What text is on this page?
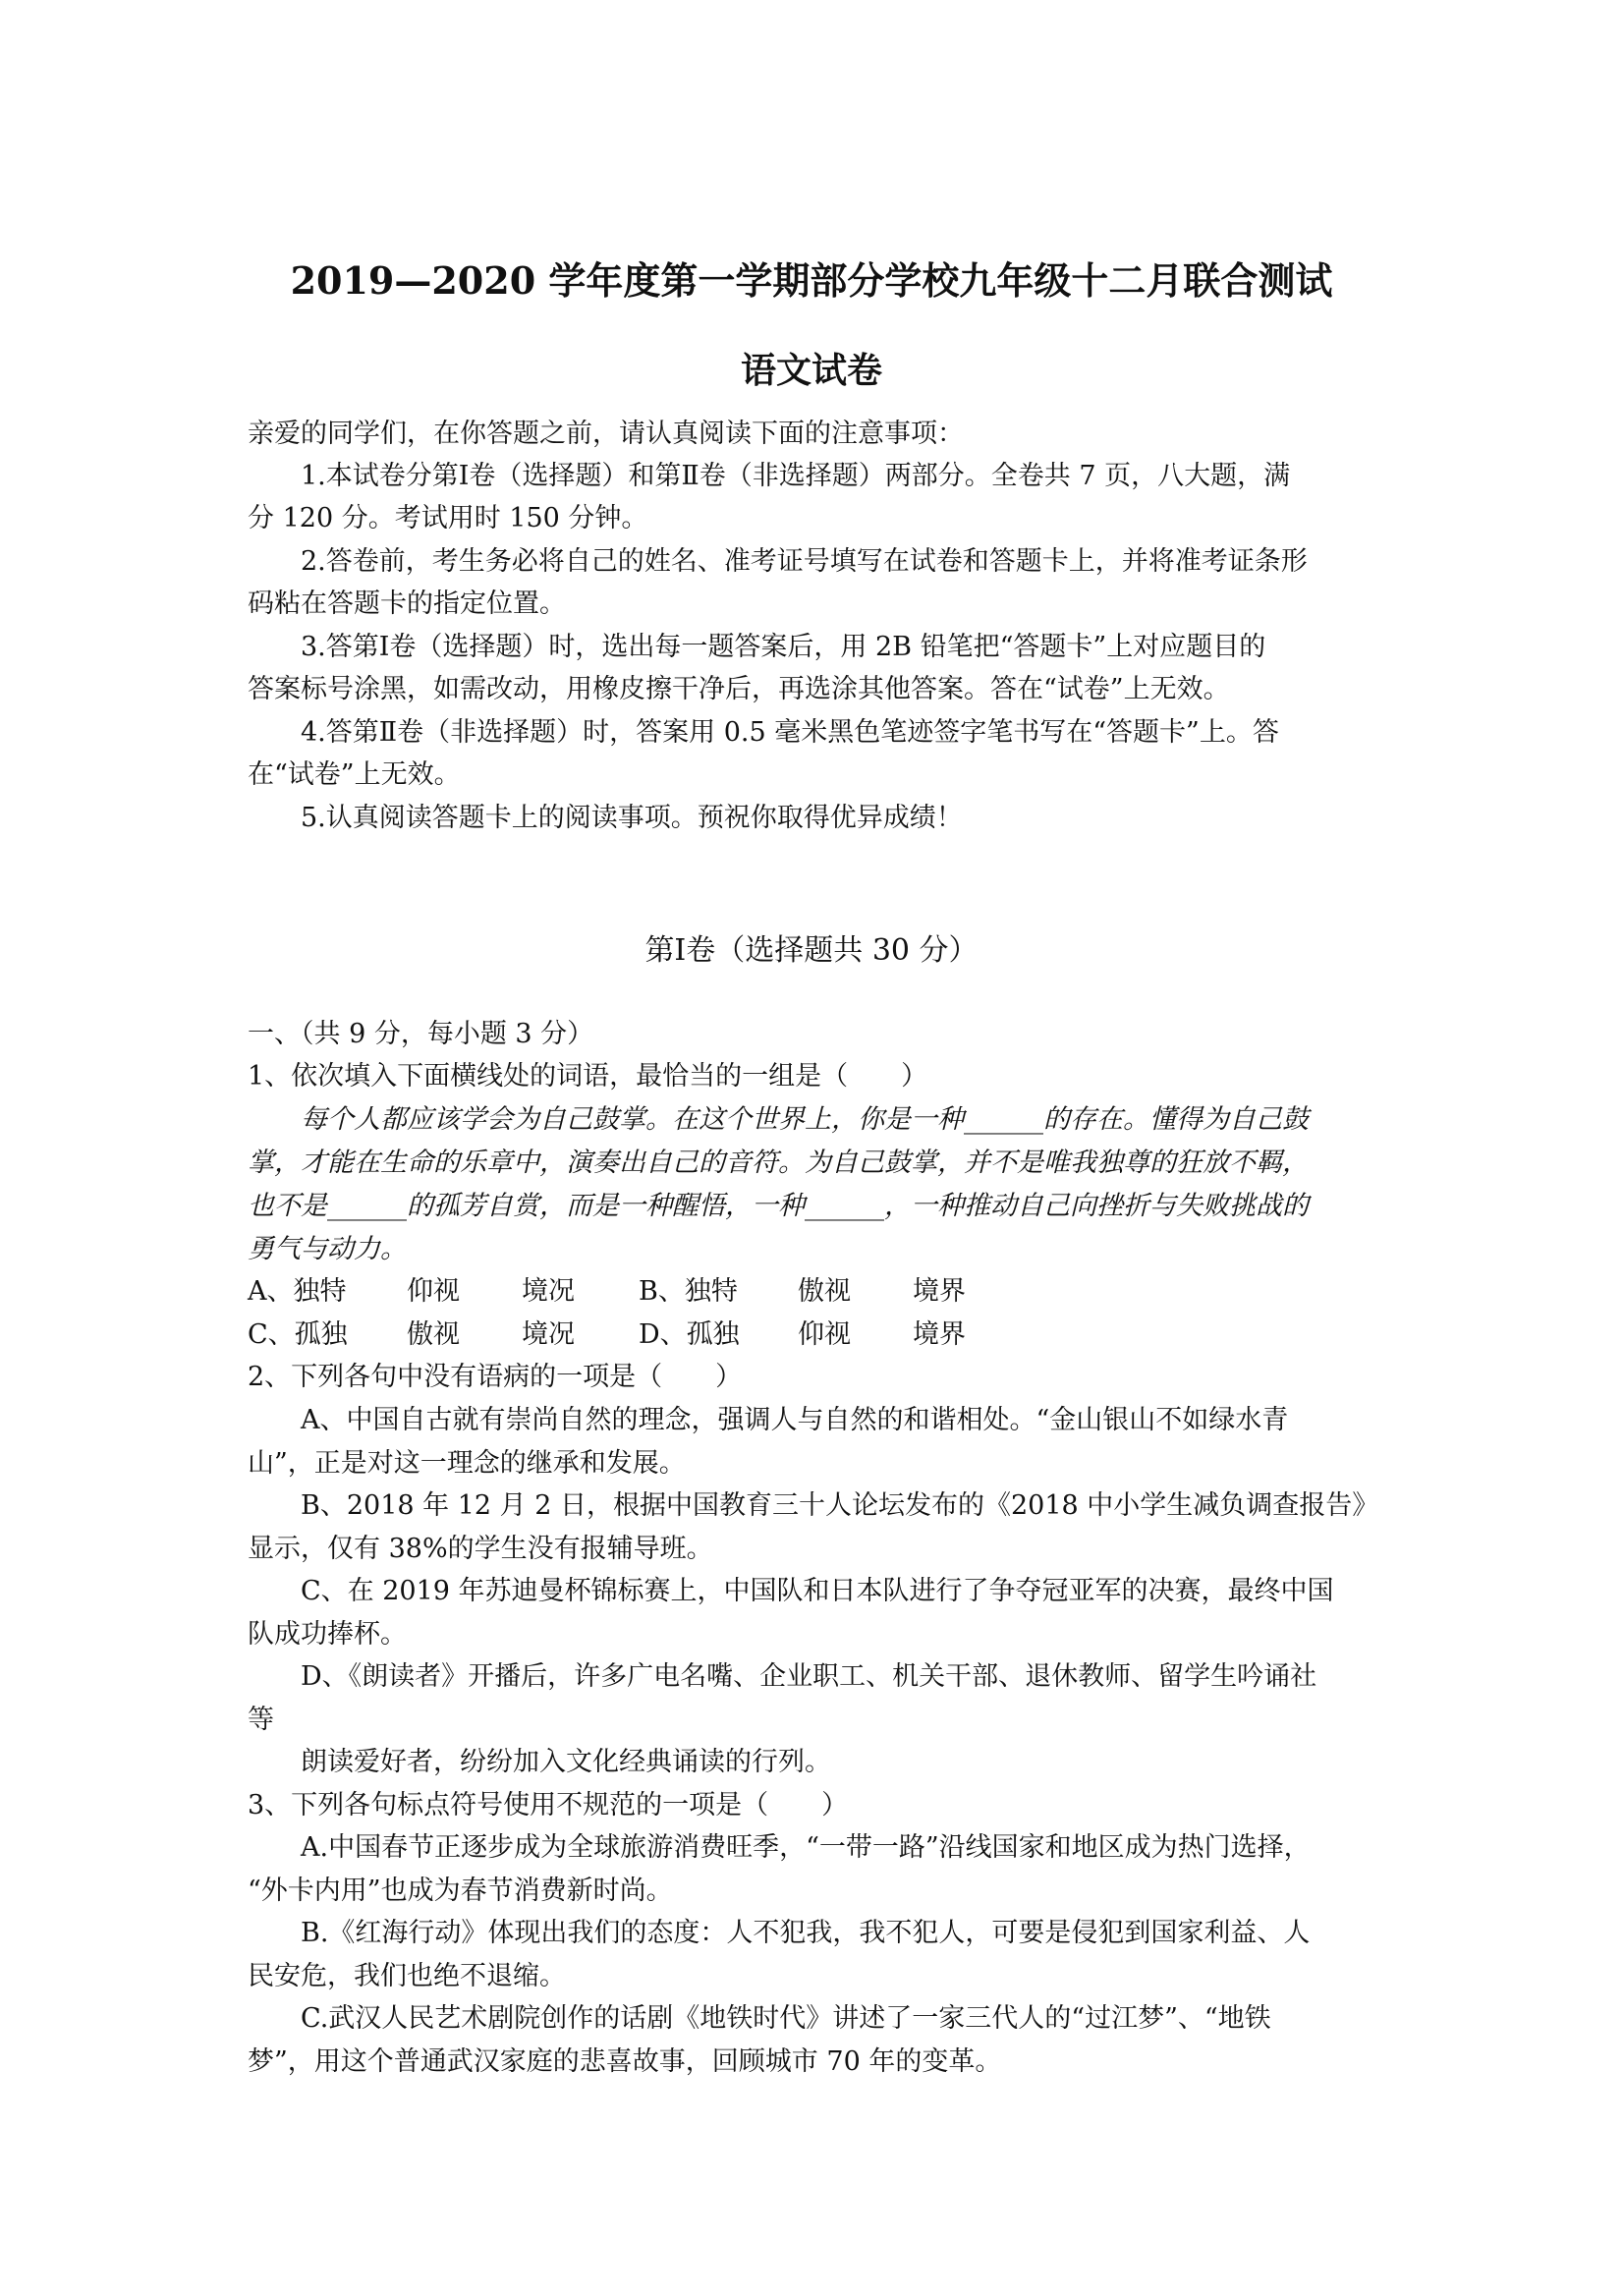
2019—2020 学年度第一学期部分学校九年级十二月联合测试
语文试卷
亲爱的同学们，在你答题之前，请认真阅读下面的注意事项：
1.本试卷分第Ⅰ卷（选择题）和第Ⅱ卷（非选择题）两部分。全卷共 7 页，八大题，满
分 120 分。考试用时 150 分钟。
2.答卷前，考生务必将自己的姓名、准考证号填写在试卷和答题卡上，并将准考证条形
码粘在答题卡的指定位置。
3.答第Ⅰ卷（选择题）时，选出每一题答案后，用 2B 铅笔把“答题卡”上对应题目的
答案标号涂黑，如需改动，用橡皮擦干净后，再选涂其他答案。答在“试卷”上无效。
4.答第Ⅱ卷（非选择题）时，答案用 0.5 毫米黑色笔迹签字笔书写在“答题卡”上。答
在“试卷”上无效。
5.认真阅读答题卡上的阅读事项。预祝你取得优异成绩！
第Ⅰ卷（选择题共 30 分）
一、（共 9 分，每小题 3 分）
1、依次填入下面横线处的词语，最恰当的一组是（　　）
每个人都应该学会为自己鼓掌。在这个世界上，你是一种______的存在。懂得为自己鼓
掌，才能在生命的乐章中，演奏出自己的音符。为自己鼓掌，并不是唯我独尊的狂放不羁，
也不是______的孤芳自赏，而是一种醒悟，一种______，一种推动自己向挫折与失败挑战的
勇气与动力。
A、独特 仰视 境况 B、独特 傲视 境界
C、孤独 傲视 境况 D、孤独 仰视 境界
2、下列各句中没有语病的一项是（　　）
A、中国自古就有崇尚自然的理念，强调人与自然的和谐相处。“金山银山不如绿水青
山”，正是对这一理念的继承和发展。
B、2018 年 12 月 2 日，根据中国教育三十人论坛发布的《2018 中小学生减负调查报告》
显示，仅有 38%的学生没有报辅导班。
C、在 2019 年苏迪曼杯锦标赛上，中国队和日本队进行了争夺冠亚军的决赛，最终中国
队成功捧杯。
D、《朗读者》开播后，许多广电名嘴、企业职工、机关干部、退休教师、留学生吟诵社
等
朗读爱好者，纷纷加入文化经典诵读的行列。
3、下列各句标点符号使用不规范的一项是（　　）
A.中国春节正逐步成为全球旅游消费旺季，“一带一路”沿线国家和地区成为热门选择，
“外卡内用”也成为春节消费新时尚。
B.《红海行动》体现出我们的态度：人不犯我，我不犯人，可要是侵犯到国家利益、人
民安危，我们也绝不退缩。
C.武汉人民艺术剧院创作的话剧《地铁时代》讲述了一家三代人的“过江梦”、“地铁
梦”，用这个普通武汉家庭的悲喜故事，回顾城市 70 年的变革。
